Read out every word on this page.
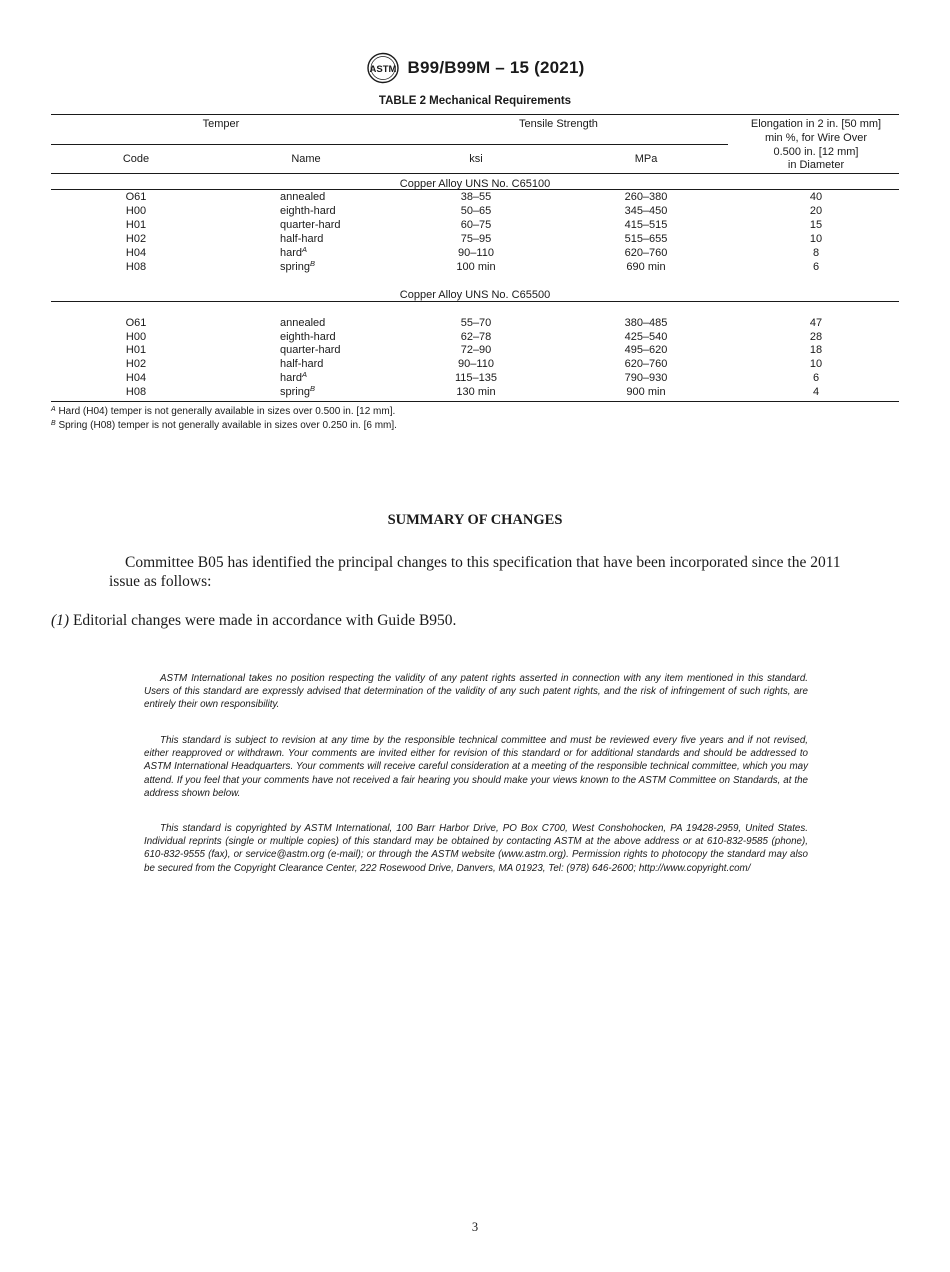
ASTM B99/B99M – 15 (2021)
TABLE 2 Mechanical Requirements
Temper	Tensile Strength	Elongation in 2 in. [50 mm]
min %, for Wire Over
0.500 in. [12 mm]
in Diameter
Code	Name	ksi	MPa
Copper Alloy UNS No. C65100
O61	annealed	38–55	260–380	40
H00	eighth-hard	50–65	345–450	20
H01	quarter-hard	60–75	415–515	15
H02	half-hard	75–95	515–655	10
H04	hard$^A$	90–110	620–760	8
H08	spring$^B$	100 min	690 min	6
Copper Alloy UNS No. C65500
O61	annealed	55–70	380–485	47
H00	eighth-hard	62–78	425–540	28
H01	quarter-hard	72–90	495–620	18
H02	half-hard	90–110	620–760	10
H04	hard$^A$	115–135	790–930	6
H08	spring$^B$	130 min	900 min	4
$^A$ Hard (H04) temper is not generally available in sizes over 0.500 in. [12 mm].
$^B$ Spring (H08) temper is not generally available in sizes over 0.250 in. [6 mm].
SUMMARY OF CHANGES
Committee B05 has identified the principal changes to this specification that have been incorporated since the 2011 issue as follows:
(1) Editorial changes were made in accordance with Guide B950.
ASTM International takes no position respecting the validity of any patent rights asserted in connection with any item mentioned in this standard. Users of this standard are expressly advised that determination of the validity of any such patent rights, and the risk of infringement of such rights, are entirely their own responsibility.
This standard is subject to revision at any time by the responsible technical committee and must be reviewed every five years and if not revised, either reapproved or withdrawn. Your comments are invited either for revision of this standard or for additional standards and should be addressed to ASTM International Headquarters. Your comments will receive careful consideration at a meeting of the responsible technical committee, which you may attend. If you feel that your comments have not received a fair hearing you should make your views known to the ASTM Committee on Standards, at the address shown below.
This standard is copyrighted by ASTM International, 100 Barr Harbor Drive, PO Box C700, West Conshohocken, PA 19428-2959, United States. Individual reprints (single or multiple copies) of this standard may be obtained by contacting ASTM at the above address or at 610-832-9585 (phone), 610-832-9555 (fax), or service@astm.org (e-mail); or through the ASTM website (www.astm.org). Permission rights to photocopy the standard may also be secured from the Copyright Clearance Center, 222 Rosewood Drive, Danvers, MA 01923, Tel: (978) 646-2600; http://www.copyright.com/
3
